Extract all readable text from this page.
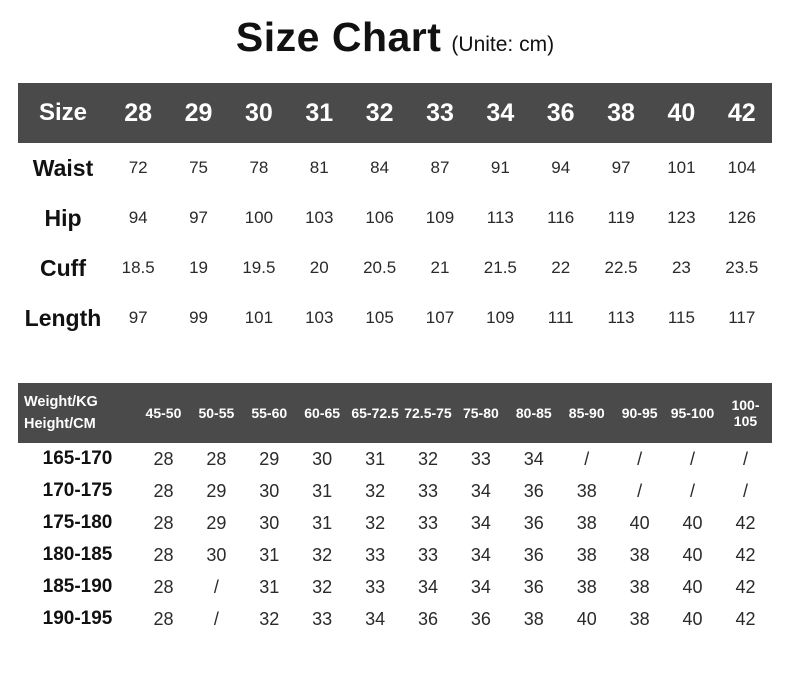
Size Chart (Unite: cm)
Size	28	29	30	31	32	33	34	36	38	40	42
Waist	72	75	78	81	84	87	91	94	97	101	104
Hip	94	97	100	103	106	109	113	116	119	123	126
Cuff	18.5	19	19.5	20	20.5	21	21.5	22	22.5	23	23.5
Length	97	99	101	103	105	107	109	111	113	115	117
Weight/KG
Height/CM	45-50	50-55	55-60	60-65	65-72.5	72.5-75	75-80	80-85	85-90	90-95	95-100	100-105
165-170	28	28	29	30	31	32	33	34	/	/	/	/
170-175	28	29	30	31	32	33	34	36	38	/	/	/
175-180	28	29	30	31	32	33	34	36	38	40	40	42
180-185	28	30	31	32	33	33	34	36	38	38	40	42
185-190	28	/	31	32	33	34	34	36	38	38	40	42
190-195	28	/	32	33	34	36	36	38	40	38	40	42
